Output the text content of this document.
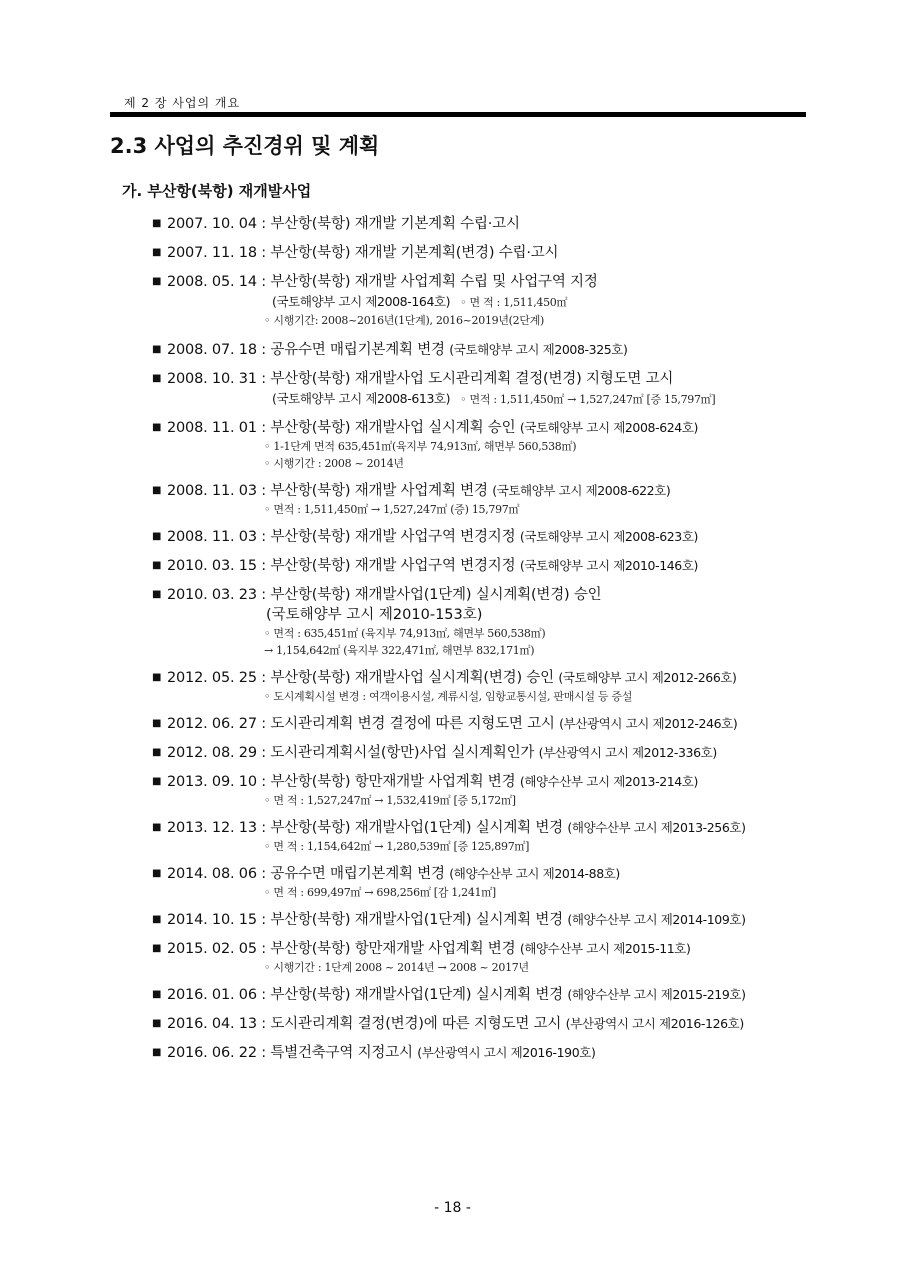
제 2 장 사업의 개요
2.3 사업의 추진경위 및 계획
가. 부산항(북항) 재개발사업
■ 2007. 10. 04 : 부산항(북항) 재개발 기본계획 수립·고시
■ 2007. 11. 18 : 부산항(북항) 재개발 기본계획(변경) 수립·고시
■ 2008. 05. 14 : 부산항(북항) 재개발 사업계획 수립 및 사업구역 지정
(국토해양부 고시 제2008-164호) ◦ 면 적 : 1,511,450㎡
◦ 시행기간: 2008~2016년(1단계), 2016~2019년(2단계)
■ 2008. 07. 18 : 공유수면 매립기본계획 변경 (국토해양부 고시 제2008-325호)
■ 2008. 10. 31 : 부산항(북항) 재개발사업 도시관리계획 결정(변경) 지형도면 고시
(국토해양부 고시 제2008-613호) ◦ 면적 : 1,511,450㎡ → 1,527,247㎡ [증 15,797㎡]
■ 2008. 11. 01 : 부산항(북항) 재개발사업 실시계획 승인 (국토해양부 고시 제2008-624호)
◦ 1-1단계 면적 635,451㎡(육지부 74,913㎡, 해면부 560,538㎡)
◦ 시행기간 : 2008 ~ 2014년
■ 2008. 11. 03 : 부산항(북항) 재개발 사업계획 변경 (국토해양부 고시 제2008-622호)
◦ 면적 : 1,511,450㎡ → 1,527,247㎡ (증) 15,797㎡
■ 2008. 11. 03 : 부산항(북항) 재개발 사업구역 변경지정 (국토해양부 고시 제2008-623호)
■ 2010. 03. 15 : 부산항(북항) 재개발 사업구역 변경지정 (국토해양부 고시 제2010-146호)
■ 2010. 03. 23 : 부산항(북항) 재개발사업(1단계) 실시계획(변경) 승인
(국토해양부 고시 제2010-153호)
◦ 면적 : 635,451㎡ (육지부 74,913㎡, 해면부 560,538㎡)
→ 1,154,642㎡ (육지부 322,471㎡, 해면부 832,171㎡)
■ 2012. 05. 25 : 부산항(북항) 재개발사업 실시계획(변경) 승인 (국토해양부 고시 제2012-266호)
◦ 도시계획시설 변경 : 여객이용시설, 계류시설, 임항교통시설, 판매시설 등 증설
■ 2012. 06. 27 : 도시관리계획 변경 결정에 따른 지형도면 고시 (부산광역시 고시 제2012-246호)
■ 2012. 08. 29 : 도시관리계획시설(항만)사업 실시계획인가 (부산광역시 고시 제2012-336호)
■ 2013. 09. 10 : 부산항(북항) 항만재개발 사업계획 변경 (해양수산부 고시 제2013-214호)
◦ 면 적 : 1,527,247㎡ → 1,532,419㎡ [증 5,172㎡]
■ 2013. 12. 13 : 부산항(북항) 재개발사업(1단계) 실시계획 변경 (해양수산부 고시 제2013-256호)
◦ 면 적 : 1,154,642㎡ → 1,280,539㎡ [증 125,897㎡]
■ 2014. 08. 06 : 공유수면 매립기본계획 변경 (해양수산부 고시 제2014-88호)
◦ 면 적 : 699,497㎡ → 698,256㎡ [감 1,241㎡]
■ 2014. 10. 15 : 부산항(북항) 재개발사업(1단계) 실시계획 변경 (해양수산부 고시 제2014-109호)
■ 2015. 02. 05 : 부산항(북항) 항만재개발 사업계획 변경 (해양수산부 고시 제2015-11호)
◦ 시행기간 : 1단계 2008 ~ 2014년 → 2008 ~ 2017년
■ 2016. 01. 06 : 부산항(북항) 재개발사업(1단계) 실시계획 변경 (해양수산부 고시 제2015-219호)
■ 2016. 04. 13 : 도시관리계획 결정(변경)에 따른 지형도면 고시 (부산광역시 고시 제2016-126호)
■ 2016. 06. 22 : 특별건축구역 지정고시 (부산광역시 고시 제2016-190호)
- 18 -
